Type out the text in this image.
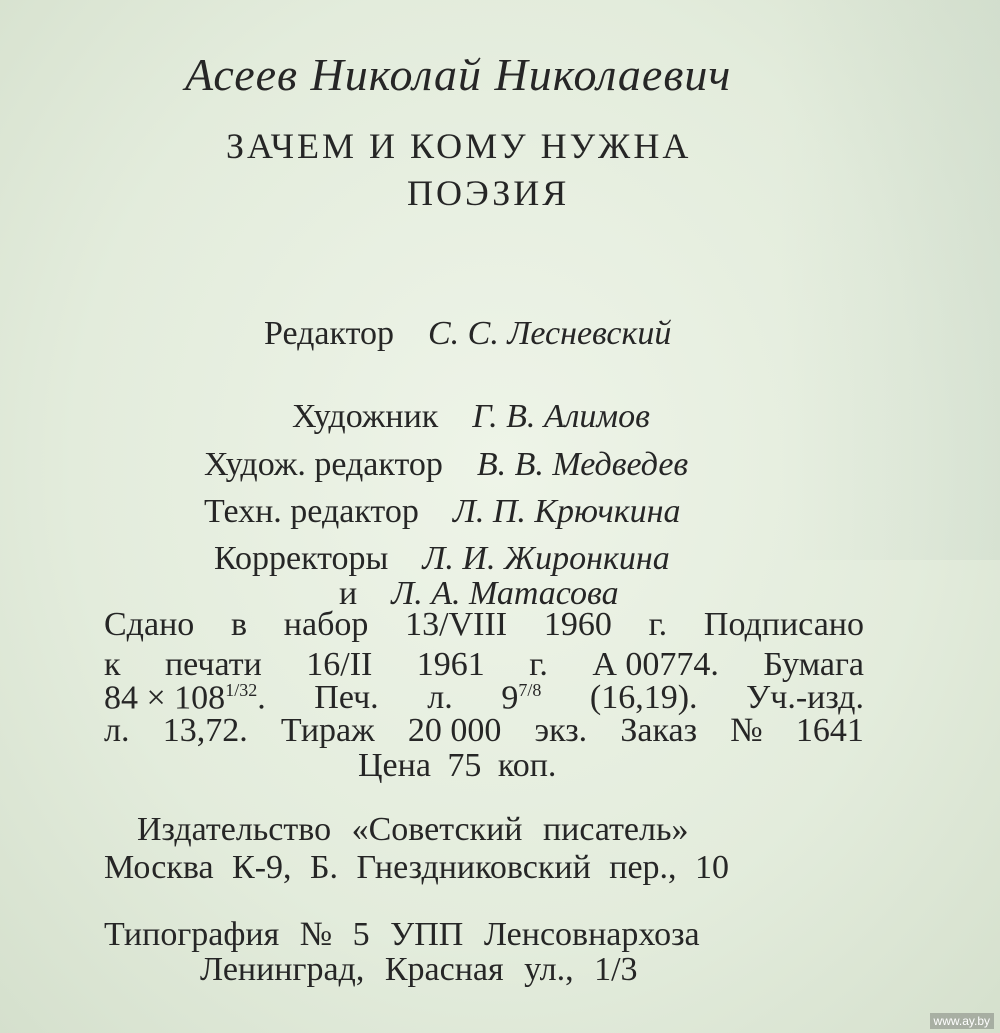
Асеев Николай Николаевич
ЗАЧЕМ И КОМУ НУЖНА
ПОЭЗИЯ

Редактор  С. С. Лесневский

Художник  Г. В. Алимов

Худож. редактор  В. В. Медведев

Техн. редактор  Л. П. Крючкина

Корректоры  Л. И. Жиронкина

и  Л. А. Матасова

Сдано в набор 13/VIII 1960 г. Подписано
к печати 16/II 1961 г. А 00774. Бумага
$84 \times 108^{1/32}$. Печ. л. $9^{7/8}$ (16,19). Уч.-изд.
л. 13,72. Тираж 20 000 экз. Заказ № 1641
Цена 75 коп.
Издательство «Советский писатель»
Москва К-9, Б. Гнездниковский пер., 10
Типография № 5 УПП Ленсовнархоза
Ленинград, Красная ул., 1/3
www.ay.by
